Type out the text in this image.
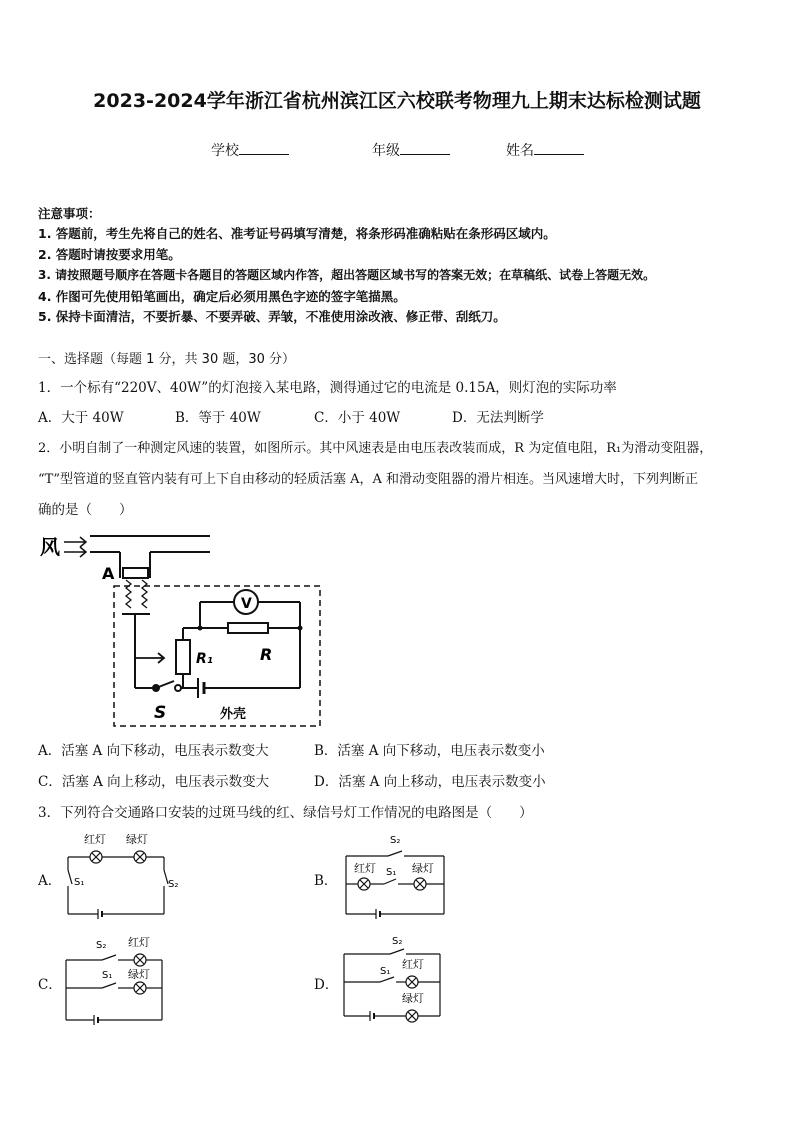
2023-2024学年浙江省杭州滨江区六校联考物理九上期末达标检测试题
学校	年级	姓名
注意事项：
1. 答题前，考生先将自己的姓名、准考证号码填写清楚，将条形码准确粘贴在条形码区域内。
2. 答题时请按要求用笔。
3. 请按照题号顺序在答题卡各题目的答题区域内作答，超出答题区域书写的答案无效；在草稿纸、试卷上答题无效。
4. 作图可先使用铅笔画出，确定后必须用黑色字迹的签字笔描黑。
5. 保持卡面清洁，不要折暴、不要弄破、弄皱，不准使用涂改液、修正带、刮纸刀。
一、选择题（每题 1 分，共 30 题，30 分）
1．一个标有“220V、40W”的灯泡接入某电路，测得通过它的电流是 0.15A，则灯泡的实际功率
A．大于 40W	B．等于 40W	C．小于 40W	D．无法判断学
2．小明自制了一种测定风速的装置，如图所示。其中风速表是由电压表改装而成，R 为定值电阻，R₁为滑动变阻器，
“T”型管道的竖直管内装有可上下自由移动的轻质活塞 A，A 和滑动变阻器的滑片相连。当风速增大时，下列判断正
确的是（　　）
风
A
V
R₁	R
S	外壳
A．活塞 A 向下移动，电压表示数变大	B．活塞 A 向下移动，电压表示数变小
C．活塞 A 向上移动，电压表示数变大	D．活塞 A 向上移动，电压表示数变小
3．下列符合交通路口安装的过斑马线的红、绿信号灯工作情况的电路图是（　　）
A．
红灯 绿灯
S₁	S₂	B．
S₂
红灯 S₁ 绿灯
C．
S₂ 红灯
S₁ 绿灯
D．
S₂
S₁
红灯
绿灯
